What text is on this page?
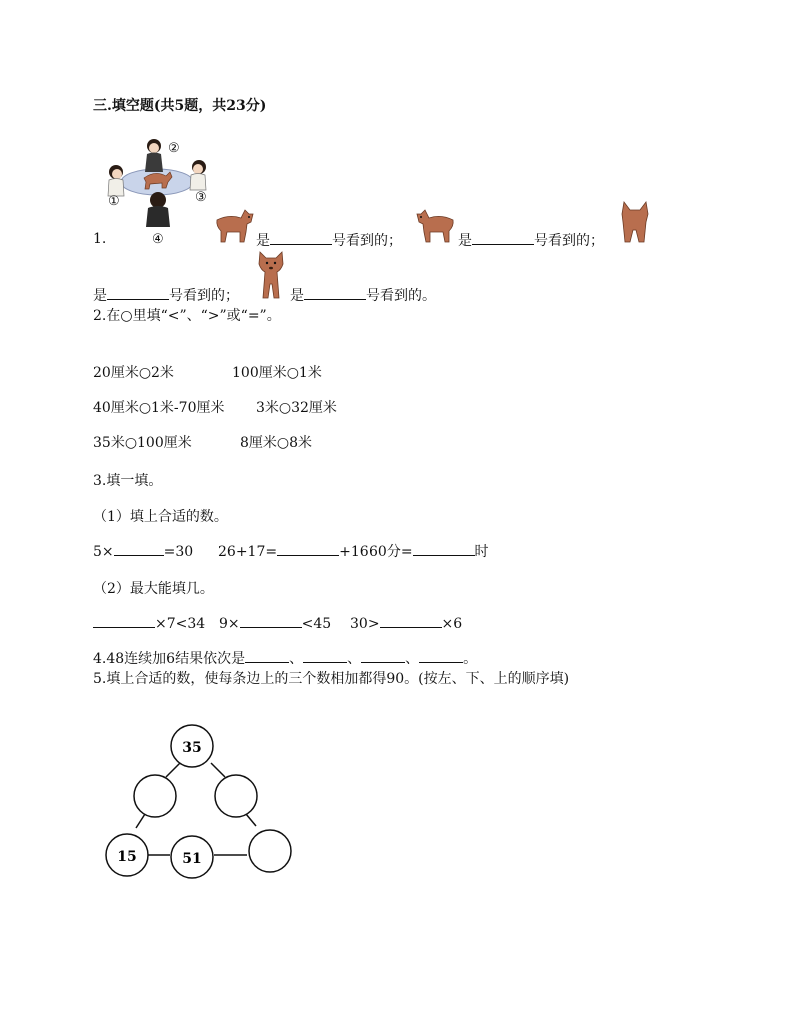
三.填空题(共5题，共23分)
②
①	③
④
1.	是	号看到的；	是	号看到的；
是	号看到的；	是	号看到的。
2.在○里填“<”、“>”或“=”。
20厘米○2米	100厘米○1米
40厘米○1米-70厘米 3米○32厘米
35米○100厘米	8厘米○8米
3.填一填。
（1）填上合适的数。
5×	=30 26+17=	+16 60分=	时
（2）最大能填几。
×7<34 9×	<45 30>	×6
4.48连续加6结果依次是	、	、	、	。
5.填上合适的数，使每条边上的三个数相加都得90。(按左、下、上的顺序填)
35
15	51
